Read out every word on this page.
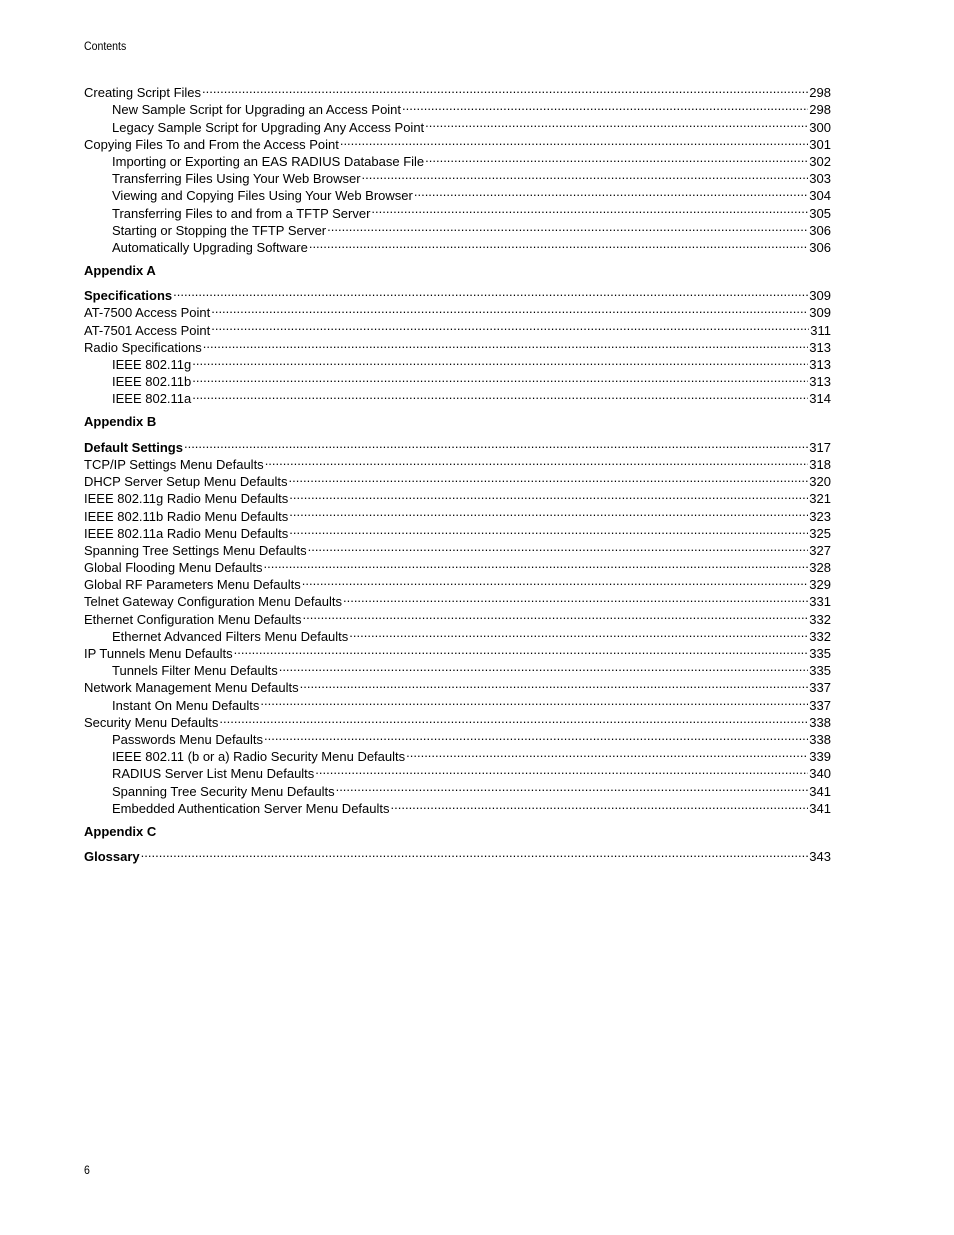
Contents
Creating Script Files .....	298
New Sample Script for Upgrading an Access Point .....	298
Legacy Sample Script for Upgrading Any Access Point .....	300
Copying Files To and From the Access Point .....	301
Importing or Exporting an EAS RADIUS Database File .....	302
Transferring Files Using Your Web Browser .....	303
Viewing and Copying Files Using Your Web Browser .....	304
Transferring Files to and from a TFTP Server .....	305
Starting or Stopping the TFTP Server .....	306
Automatically Upgrading Software .....	306
Appendix A
Specifications .....	309
AT-7500 Access Point .....	309
AT-7501 Access Point .....	311
Radio Specifications .....	313
IEEE 802.11g .....	313
IEEE 802.11b .....	313
IEEE 802.11a .....	314
Appendix B
Default Settings .....	317
TCP/IP Settings Menu Defaults .....	318
DHCP Server Setup Menu Defaults .....	320
IEEE 802.11g Radio Menu Defaults .....	321
IEEE 802.11b Radio Menu Defaults .....	323
IEEE 802.11a Radio Menu Defaults .....	325
Spanning Tree Settings Menu Defaults .....	327
Global Flooding Menu Defaults .....	328
Global RF Parameters Menu Defaults .....	329
Telnet Gateway Configuration Menu Defaults .....	331
Ethernet Configuration Menu Defaults .....	332
Ethernet Advanced Filters Menu Defaults .....	332
IP Tunnels Menu Defaults .....	335
Tunnels Filter Menu Defaults .....	335
Network Management Menu Defaults .....	337
Instant On Menu Defaults .....	337
Security Menu Defaults .....	338
Passwords Menu Defaults .....	338
IEEE 802.11 (b or a) Radio Security Menu Defaults .....	339
RADIUS Server List Menu Defaults .....	340
Spanning Tree Security Menu Defaults .....	341
Embedded Authentication Server Menu Defaults .....	341
Appendix C
Glossary .....	343
6
